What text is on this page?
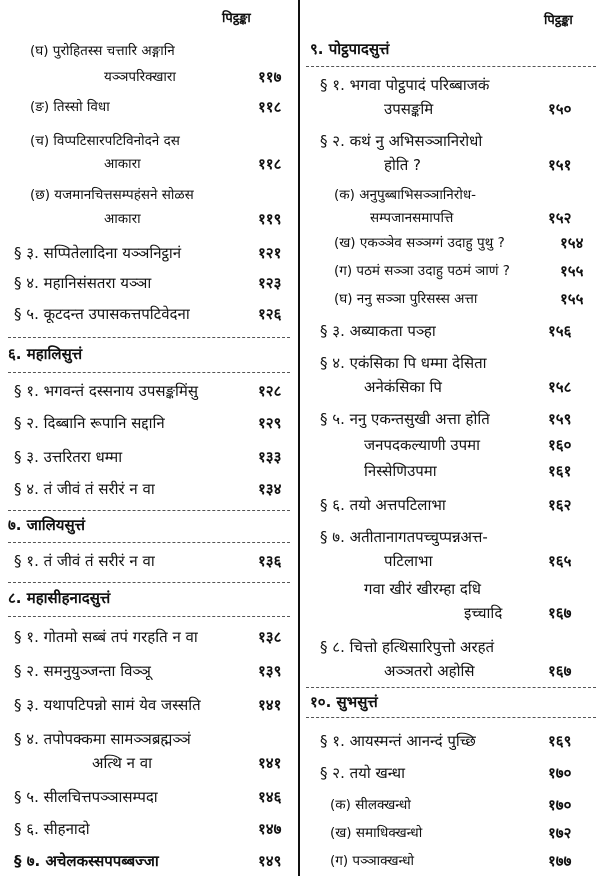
पिट्ठङ्का
(घ) पुरोहितस्स चत्तारि अङ्गानि
यञ्ञपरिक्खारा	११७
(ङ) तिस्सो विधा	११८
(च) विप्पटिसारपटिविनोदने दस
आकारा	११८
(छ) यजमानचित्तसम्पहंसने सोळस
आकारा	११९
§ ३. सप्पितेलादिना यञ्ञनिट्ठानं	१२१
§ ४. महानिसंसतरा यञ्ञा	१२३
§ ५. कूटदन्त उपासकत्तपटिवेदना	१२६
६. महालिसुत्तं
§ १. भगवन्तं दस्सनाय उपसङ्कमिंसु	१२८
§ २. दिब्बानि रूपानि सद्दानि	१२९
§ ३. उत्तरितरा धम्मा	१३३
§ ४. तं जीवं तं सरीरं न वा	१३४
७. जालियसुत्तं
§ १. तं जीवं तं सरीरं न वा	१३६
८. महासीहनादसुत्तं
§ १. गोतमो सब्बं तपं गरहति न वा	१३८
§ २. समनुयुञ्जन्ता विञ्ञू	१३९
§ ३. यथापटिपन्नो सामं येव जस्सति	१४१
§ ४. तपोपक्कमा सामञ्ञब्रह्मञ्ञं
अत्थि न वा	१४१
§ ५. सीलचित्तपञ्ञासम्पदा	१४६
§ ६. सीहनादो	१४७
§ ७. अचेलकस्सपपब्बज्जा	१४९
पिट्ठङ्का
९. पोट्ठपादसुत्तं
§ १. भगवा पोट्ठपादं परिब्बाजकं
उपसङ्कमि	१५०
§ २. कथं नु अभिसञ्ञानिरोधो
होति ?	१५१
(क) अनुपुब्बाभिसञ्ञानिरोध-
सम्पजानसमापत्ति	१५२
(ख) एकञ्ञेव सञ्ञग्गं उदाहु पुथु ?	१५४
(ग) पठमं सञ्ञा उदाहु पठमं ञाणं ?	१५५
(घ) ननु सञ्ञा पुरिसस्स अत्ता	१५५
§ ३. अब्याकता पञ्हा	१५६
§ ४. एकंसिका पि धम्मा देसिता
अनेकंसिका पि	१५८
§ ५. ननु एकन्तसुखी अत्ता होति	१५९
जनपदकल्याणी उपमा	१६०
निस्सेणिउपमा	१६१
§ ६. तयो अत्तपटिलाभा	१६२
§ ७. अतीतानागतपच्चुप्पन्नअत्त-
पटिलाभा	१६५
गवा खीरं खीरम्हा दधि
इच्चादि	१६७
§ ८. चित्तो हत्थिसारिपुत्तो अरहतं
अञ्ञतरो अहोसि	१६७
१०. सुभसुत्तं
§ १. आयस्मन्तं आनन्दं पुच्छि	१६९
§ २. तयो खन्धा	१७०
(क) सीलक्खन्धो	१७०
(ख) समाधिक्खन्धो	१७२
(ग) पञ्ञाक्खन्धो	१७७
